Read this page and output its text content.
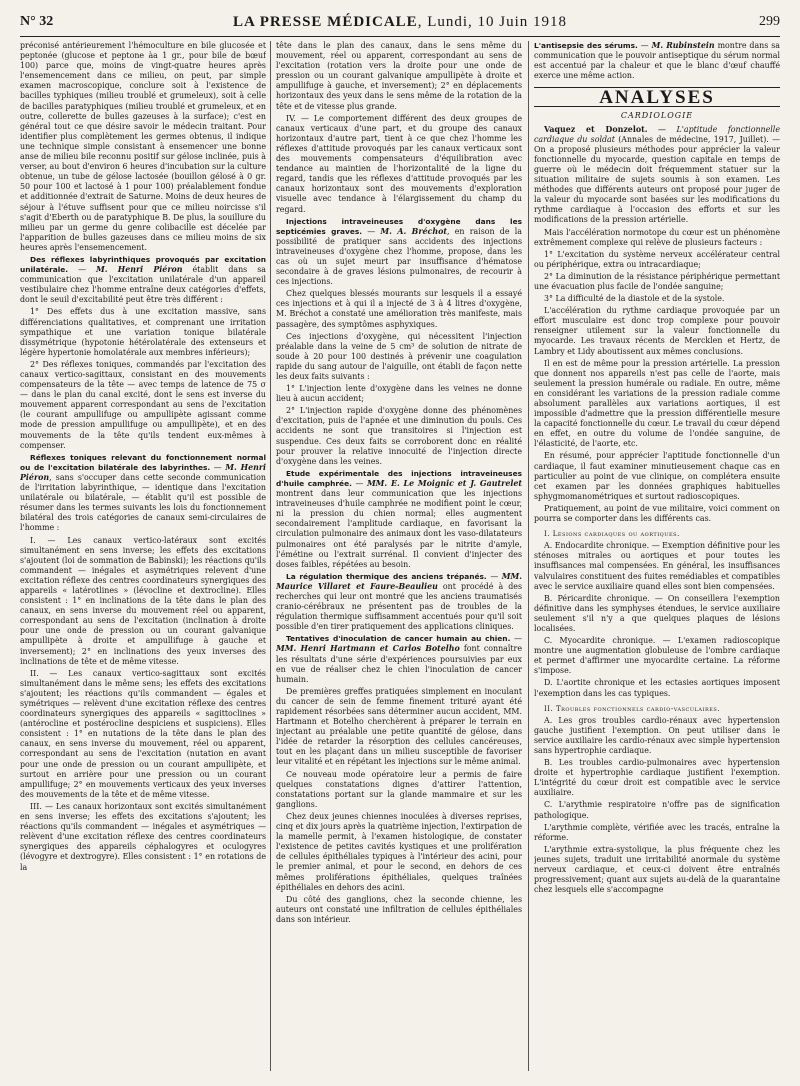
N° 32	LA PRESSE MÉDICALE, Lundi, 10 Juin 1918	299

préconisé antérieurement l'hémoculture en bile glucosée et peptonée (glucose et peptone àa 1 gr., pour bile de bœuf 100) parce que, moins de vingt-quatre heures après l'ensemencement dans ce milieu, on peut, par simple examen macroscopique, conclure soit à l'existence de bacilles typhiques (milieu troublé et grumeleux), soit à celle de bacilles paratyphiques (milieu troublé et grumeleux, et en outre, collerette de bulles gazeuses à la surface); c'est en général tout ce que désire savoir le médecin traitant. Pour identifier plus complètement les germes obtenus, il indique une technique simple consistant à ensemencer une bonne anse de milieu bile reconnu positif sur gélose inclinée, puis à verser, au bout d'environ 6 heures d'incubation sur la culture obtenue, un tube de gélose lactosée (bouillon gélosé à 0 gr. 50 pour 100 et lactosé à 1 pour 100) préalablement fondue et additionnée d'extrait de Saturne. Moins de deux heures de séjour à l'étuve suffisent pour que ce milieu noircisse s'il s'agit d'Eberth ou de paratyphique B. De plus, la souillure du milieu par un germe du genre colibacille est décelée par l'apparition de bulles gazeuses dans ce milieu moins de six heures après l'ensemencement.

Des réflexes labyrinthiques provoqués par excitation unilatérale. — M. Henri Piéron établit dans sa communication que l'excitation unilatérale d'un appareil vestibulaire chez l'homme entraîne deux catégories d'effets, dont le seuil d'excitabilité peut être très différent :

1° Des effets dus à une excitation massive, sans différenciations qualitatives, et comprenant une irritation sympathique et une variation tonique bilatérale dissymétrique (hypotonie hétérolatérale des extenseurs et légère hypertonie homolatérale aux membres inférieurs);

2° Des réflexes toniques, commandés par l'excitation des canaux vertico-sagittaux, consistant en des mouvements compensateurs de la tête — avec temps de latence de 75 σ — dans le plan du canal excité, dont le sens est inverse du mouvement apparent correspondant au sens de l'excitation (le courant ampullifuge ou ampullipète agissant comme mode de pression ampullifuge ou ampullipète), et en des mouvements de la tête qu'ils tendent eux-mêmes à compenser.

Réflexes toniques relevant du fonctionnement normal ou de l'excitation bilatérale des labyrinthes. — M. Henri Piéron, sans s'occuper dans cette seconde communication de l'irritation labyrinthique, — identique dans l'excitation unilatérale ou bilatérale, — établit qu'il est possible de résumer dans les termes suivants les lois du fonctionnement bilatéral des trois catégories de canaux semi-circulaires de l'homme :

I. — Les canaux vertico-latéraux sont excités simultanément en sens inverse; les effets des excitations s'ajoutent (loi de sommation de Babinski); les réactions qu'ils commandent — inégales et asymétriques relevent d'une excitation réflexe des centres coordinateurs synergiques des appareils « latérotlines » (lévocline et dextrocline). Elles consistent : 1° en inclinations de la tête dans le plan des canaux, en sens inverse du mouvement réel ou apparent, correspondant au sens de l'excitation (inclination à droite pour une onde de pression ou un courant galvanique ampullipète à droite et ampullifuge à gauche et inversement); 2° en inclinations des yeux inverses des inclinations de tête et de même vitesse.

II. — Les canaux vertico-sagittaux sont excités simultanément dans le même sens; les effets des excitations s'ajoutent; les réactions qu'ils commandent — égales et symétriques — relèvent d'une excitation réflexe des centres coordinateurs synergiques des appareils « sagittoclines » (antérocline et postérocline despiciens et suspiciens). Elles consistent : 1° en nutations de la tête dans le plan des canaux, en sens inverse du mouvement, réel ou apparent, correspondant au sens de l'excitation (nutation en avant pour une onde de pression ou un courant ampullipète, et surtout en arrière pour une pression ou un courant ampullifuge; 2° en mouvements verticaux des yeux inverses des mouvements de la tête et de même vitesse.

III. — Les canaux horizontaux sont excités simultanément en sens inverse; les effets des excitations s'ajoutent; les réactions qu'ils commandent — inégales et asymétriques — relèvent d'une excitation réflexe des centres coordinateurs synergiques des appareils céphalogyres et oculogyres (lévogyre et dextrogyre). Elles consistent : 1° en rotations de la

tête dans le plan des canaux, dans le sens même du mouvement, réel ou apparent, correspondant au sens de l'excitation (rotation vers la droite pour une onde de pression ou un courant galvanique ampullipète à droite et ampullifuge à gauche, et inversement); 2° en déplacements horizontaux des yeux dans le sens même de la rotation de la tête et de vitesse plus grande.

IV. — Le comportement différent des deux groupes de canaux verticaux d'une part, et du groupe des canaux horizontaux d'autre part, tient à ce que chez l'homme les réflexes d'attitude provoqués par les canaux verticaux sont des mouvements compensateurs d'équilibration avec tendance au maintien de l'horizontalité de la ligne du regard, tandis que les réflexes d'attitude provoqués par les canaux horizontaux sont des mouvements d'exploration visuelle avec tendance à l'élargissement du champ du regard.

Injections intraveineuses d'oxygène dans les septicémies graves. — M. A. Bréchot, en raison de la possibilité de pratiquer sans accidents des injections intraveineuses d'oxygène chez l'homme, propose, dans les cas où un sujet meurt par insuffisance d'hématose secondaire à de graves lésions pulmonaires, de recourir à ces injections.

Chez quelques blessés mourants sur lesquels il a essayé ces injections et à qui il a injecté de 3 à 4 litres d'oxygène, M. Bréchot a constaté une amélioration très manifeste, mais passagère, des symptômes asphyxiques.

Ces injections d'oxygène, qui nécessitent l'injection préalable dans la veine de 5 cm³ de solution de nitrate de soude à 20 pour 100 destinés à prévenir une coagulation rapide du sang autour de l'aiguille, ont établi de façon nette les deux faits suivants :

1° L'injection lente d'oxygène dans les veines ne donne lieu à aucun accident;

2° L'injection rapide d'oxygène donne des phénomènes d'excitation, puis de l'apnée et une diminution du pouls. Ces accidents ne sont que transitoires si l'injection est suspendue. Ces deux faits se corroborent donc en réalité pour prouver la relative innocuité de l'injection directe d'oxygène dans les veines.

Etude expérimentale des injections intraveineuses d'huile camphrée. — MM. E. Le Moignic et J. Gautrelet montrent dans leur communication que les injections intraveineuses d'huile camphrée ne modifient point le cœur, ni la pression du chien normal; elles augmentent secondairement l'amplitude cardiaque, en favorisant la circulation pulmonaire des animaux dont les vaso-dilatateurs pulmonaires ont été paralysés par le nitrite d'amyle, l'émétine ou l'extrait surrénal. Il convient d'injecter des doses faibles, répétées au besoin.

La régulation thermique des anciens trépanés. — MM. Maurice Villaret et Faure-Beaulieu ont procédé à des recherches qui leur ont montré que les anciens traumatisés cranio-cérébraux ne présentent pas de troubles de la régulation thermique suffisamment accentués pour qu'il soit possible d'en tirer pratiquement des applications cliniques.

Tentatives d'inoculation de cancer humain au chien. — MM. Henri Hartmann et Carlos Botelho font connaître les résultats d'une série d'expériences poursuivies par eux en vue de réaliser chez le chien l'inoculation de cancer humain.

De premières greffes pratiquées simplement en inoculant du cancer de sein de femme finement trituré ayant été rapidement résorbées sans déterminer aucun accident, MM. Hartmann et Botelho cherchèrent à préparer le terrain en injectant au préalable une petite quantité de gélose, dans l'idée de retarder la résorption des cellules cancéreuses, tout en les plaçant dans un milieu susceptible de favoriser leur vitalité et en répétant les injections sur le même animal.

Ce nouveau mode opératoire leur a permis de faire quelques constatations dignes d'attirer l'attention, constatations portant sur la glande mammaire et sur les ganglions.

Chez deux jeunes chiennes inoculées à diverses reprises, cinq et dix jours après la quatrième injection, l'extirpation de la mamelle permit, à l'examen histologique, de constater l'existence de petites cavités kystiques et une prolifération de cellules épithéliales typiques à l'intérieur des acini, pour le premier animal, et pour le second, en dehors de ces mêmes proliférations épithéliales, quelques traînées épithéliales en dehors des acini.

Du côté des ganglions, chez la seconde chienne, les auteurs ont constaté une infiltration de cellules épithéliales dans son intérieur.

L'antisepsie des sérums. — M. Rubinstein montre dans sa communication que le pouvoir antiseptique du sérum normal est accentué par la chaleur et que le blanc d'œuf chauffé exerce une même action.

ANALYSES
CARDIOLOGIE

Vaquez et Donzelot. — L'aptitude fonctionnelle cardiaque du soldat (Annales de médecine, 1917, Juillet). — On a proposé plusieurs méthodes pour apprécier la valeur fonctionnelle du myocarde, question capitale en temps de guerre où le médecin doit fréquemment statuer sur la situation militaire de sujets soumis à son examen. Les méthodes que différents auteurs ont proposé pour juger de la valeur du myocarde sont basées sur les modifications du rythme cardiaque à l'occasion des efforts et sur les modifications de la pression artérielle.

Mais l'accélération normotope du cœur est un phénomène extrêmement complexe qui relève de plusieurs facteurs :

1° L'excitation du système nerveux accélérateur central ou périphérique, extra ou intracardiaque;

2° La diminution de la résistance périphérique permettant une évacuation plus facile de l'ondée sanguine;

3° La difficulté de la diastole et de la systole.

L'accélération du rythme cardiaque provoquée par un effort musculaire est donc trop complexe pour pouvoir renseigner utilement sur la valeur fonctionnelle du myocarde. Les travaux récents de Mercklen et Hertz, de Lambry et Lidy aboutissent aux mêmes conclusions.

Il en est de même pour la pression artérielle. La pression que donnent nos appareils n'est pas celle de l'aorte, mais seulement la pression humérale ou radiale. En outre, même en considérant les variations de la pression radiale comme absolument parallèles aux variations aortiques, il est impossible d'admettre que la pression différentielle mesure la capacité fonctionnelle du cœur. Le travail du cœur dépend en effet, en outre du volume de l'ondée sanguine, de l'élasticité, de l'aorte, etc.

En résumé, pour apprécier l'aptitude fonctionnelle d'un cardiaque, il faut examiner minutieusement chaque cas en particulier au point de vue clinique, on complétera ensuite cet examen par les données graphiques habituelles sphygmomanométriques et surtout radioscopiques.

Pratiquement, au point de vue militaire, voici comment on pourra se comporter dans les différents cas.

I. Lésions cardiaques ou aortiques.

A. Endocardite chronique. — Exemption définitive pour les sténoses mitrales ou aortiques et pour toutes les insuffisances mal compensées. En général, les insuffisances valvulaires constituent des fuites remédiables et compatibles avec le service auxiliaire quand elles sont bien compensées.

B. Péricardite chronique. — On conseillera l'exemption définitive dans les symphyses étendues, le service auxiliaire seulement s'il n'y a que quelques plaques de lésions localisées.

C. Myocardite chronique. — L'examen radioscopique montre une augmentation globuleuse de l'ombre cardiaque et permet d'affirmer une myocardite certaine. La réforme s'impose.

D. L'aortite chronique et les ectasies aortiques imposent l'exemption dans les cas typiques.

II. Troubles fonctionnels cardio-vasculaires.

A. Les gros troubles cardio-rénaux avec hypertension gauche justifient l'exemption. On peut utiliser dans le service auxiliaire les cardio-rénaux avec simple hypertension sans hypertrophie cardiaque.

B. Les troubles cardio-pulmonaires avec hypertension droite et hypertrophie cardiaque justifient l'exemption. L'intégrité du cœur droit est compatible avec le service auxiliaire.

C. L'arythmie respiratoire n'offre pas de signification pathologique.

L'arythmie complète, vérifiée avec les tracés, entraîne la réforme.

L'arythmie extra-systolique, la plus fréquente chez les jeunes sujets, traduit une irritabilité anormale du système nerveux cardiaque, et ceux-ci doivent être entraînés progressivement; quant aux sujets au-delà de la quarantaine chez lesquels elle s'accompagne
